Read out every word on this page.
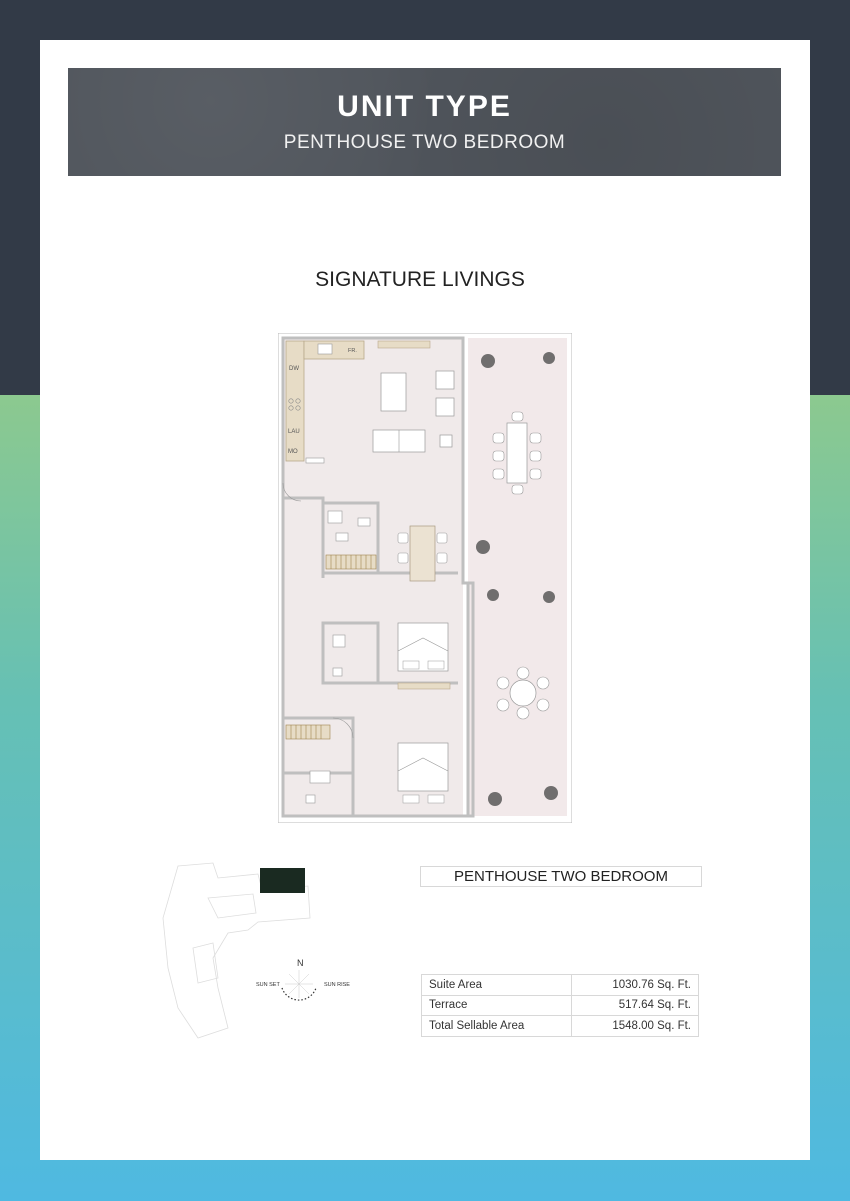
UNIT TYPE
PENTHOUSE TWO BEDROOM
SIGNATURE LIVINGS
DW
FR.
LAU
MO
N
SUN SET	SUN RISE
PENTHOUSE TWO BEDROOM
Suite Area	1030.76 Sq. Ft.
Terrace	517.64 Sq. Ft.
Total Sellable Area	1548.00 Sq. Ft.
